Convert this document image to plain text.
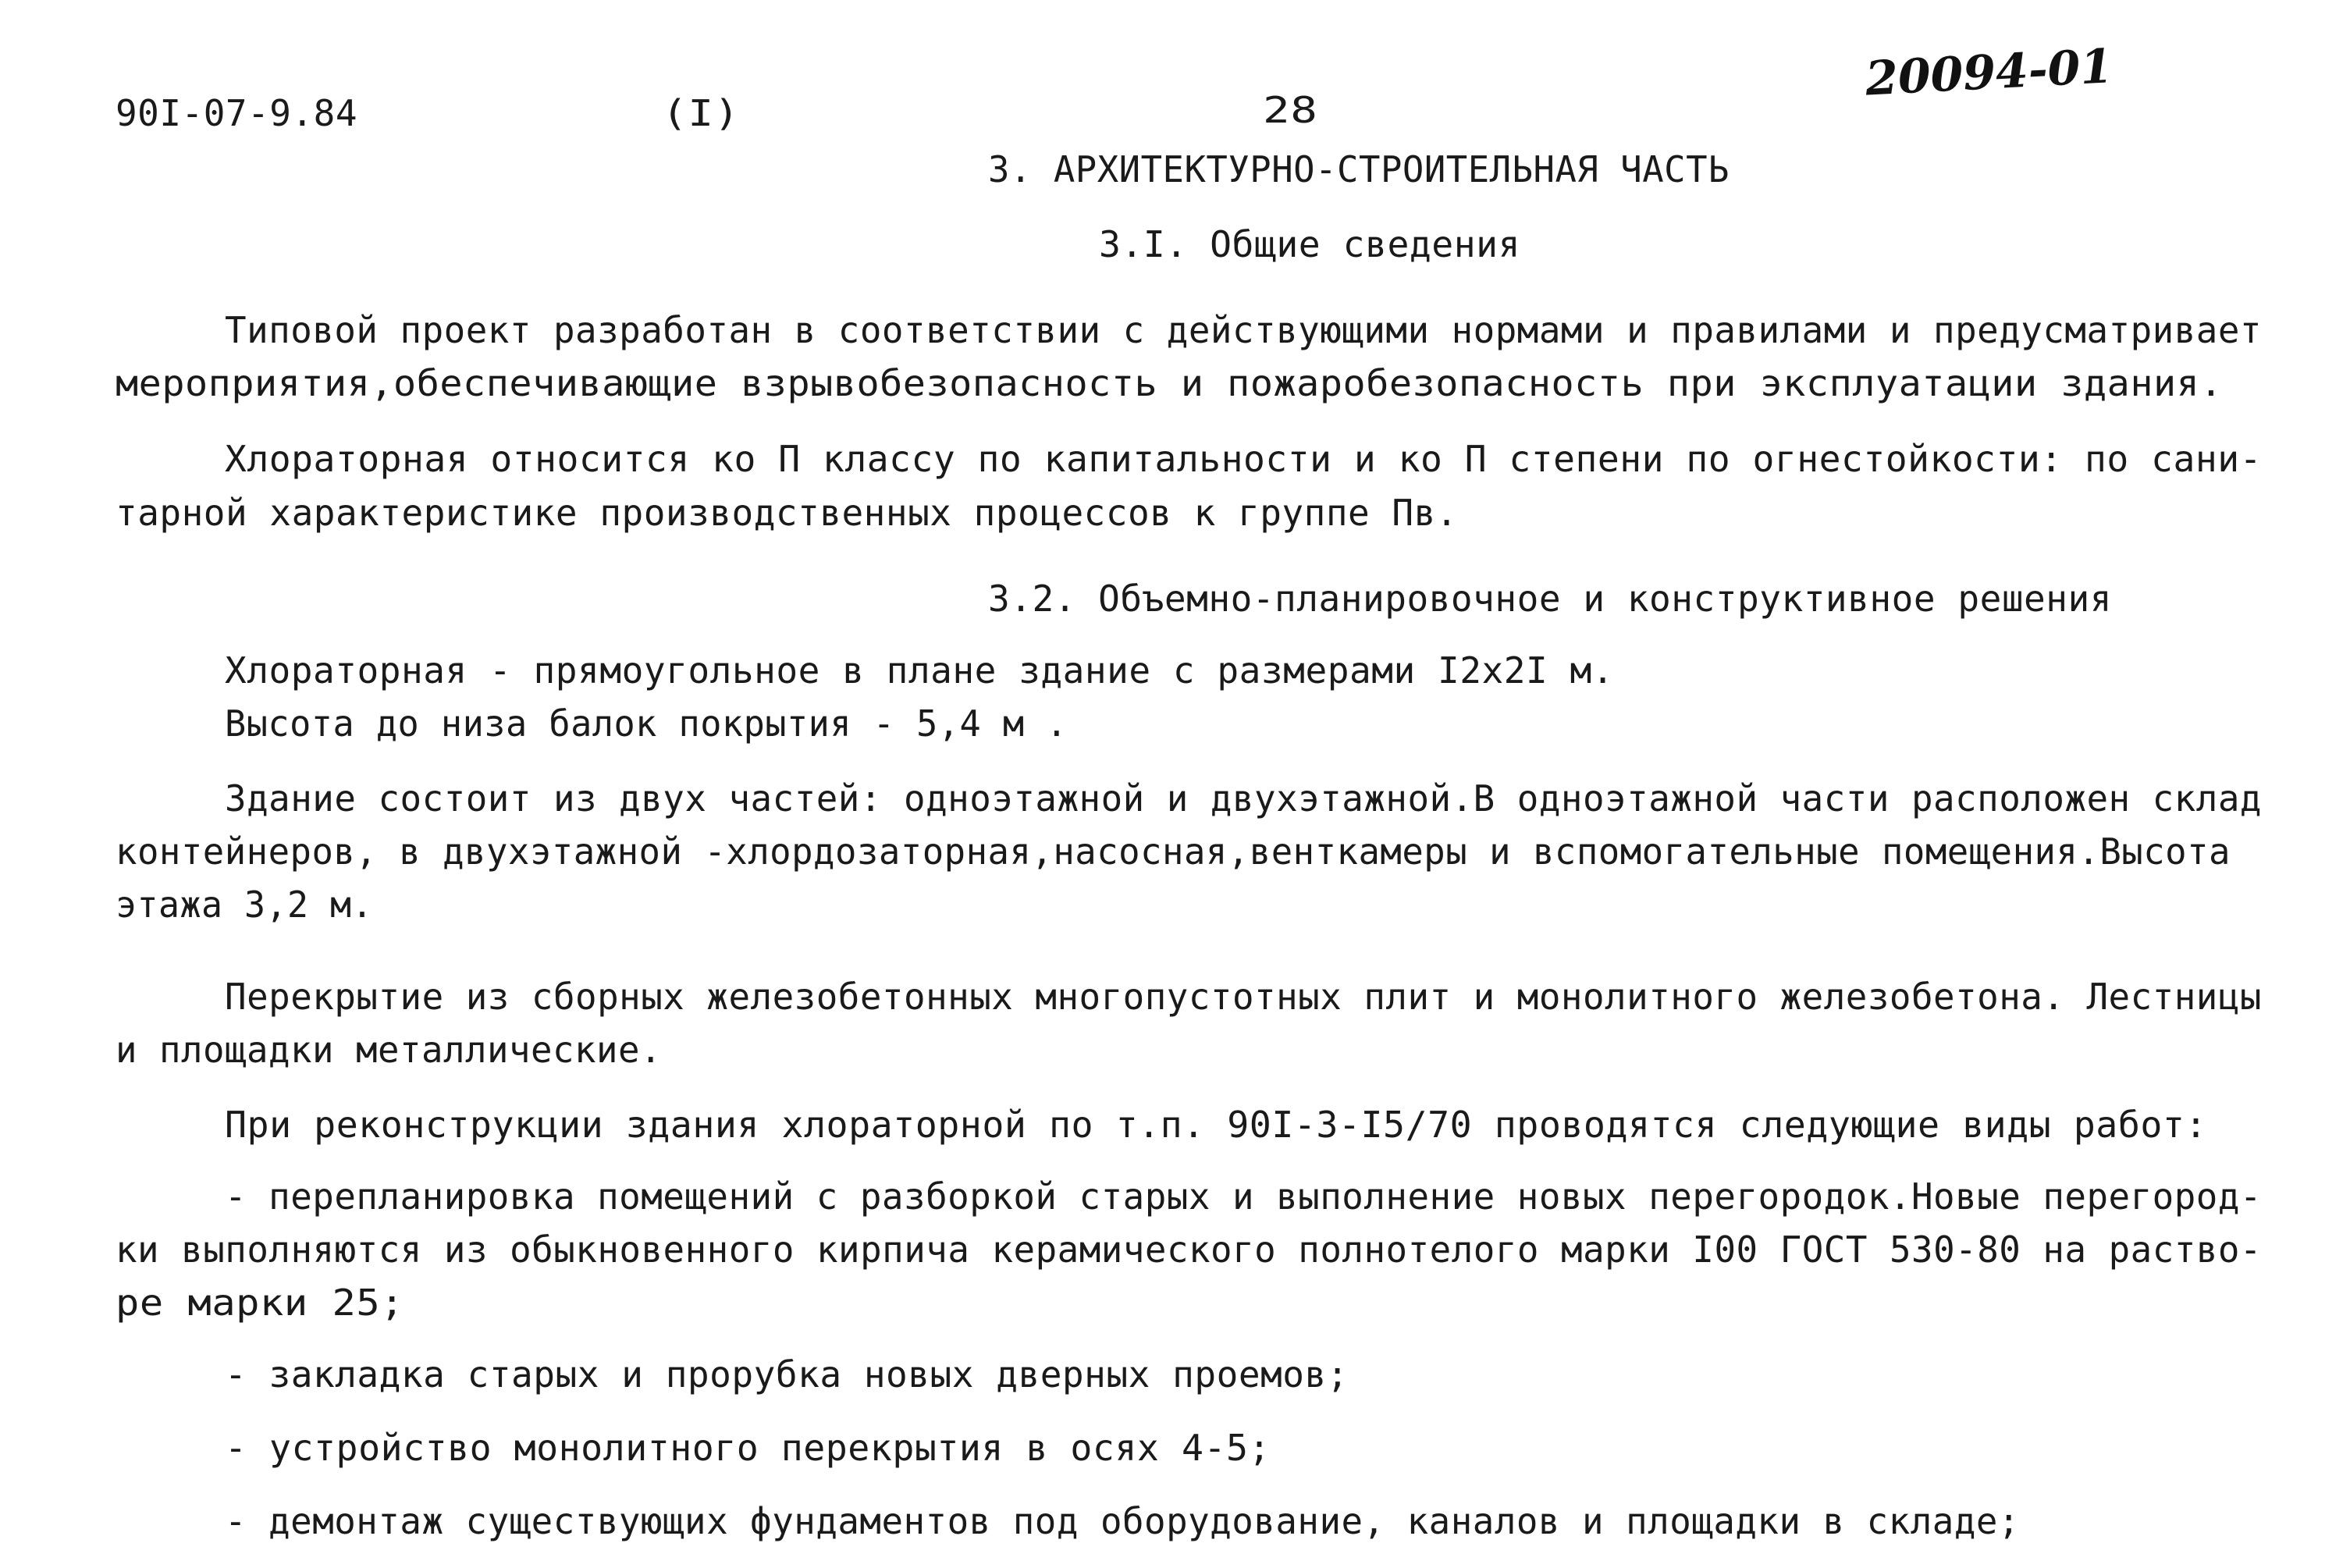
90I-07-9.84	(I)	28
20094-01
3. АРХИТЕКТУРНО-СТРОИТЕЛЬНАЯ ЧАСТЬ
3.I. Общие сведения
Типовой проект разработан в соответствии с действующими нормами и правилами и предусматривает
мероприятия,обеспечивающие взрывобезопасность и пожаробезопасность при эксплуатации здания.
Хлораторная относится ко П классу по капитальности и ко П степени по огнестойкости: по сани-
тарной характеристике производственных процессов к группе Пв.
3.2. Объемно-планировочное и конструктивное решения
Хлораторная - прямоугольное в плане здание с размерами I2х2I м.
Высота до низа балок покрытия - 5,4 м .
Здание состоит из двух частей: одноэтажной и двухэтажной.В одноэтажной части расположен склад
контейнеров, в двухэтажной -хлордозаторная,насосная,венткамеры и вспомогательные помещения.Высота
этажа 3,2 м.
Перекрытие из сборных железобетонных многопустотных плит и монолитного железобетона. Лестницы
и площадки металлические.
При реконструкции здания хлораторной по т.п. 90I-3-I5/70 проводятся следующие виды работ:
- перепланировка помещений с разборкой старых и выполнение новых перегородок.Новые перегород-
ки выполняются из обыкновенного кирпича керамического полнотелого марки I00 ГОСТ 530-80 на раство-
ре марки 25;
- закладка старых и прорубка новых дверных проемов;
- устройство монолитного перекрытия в осях 4-5;
- демонтаж существующих фундаментов под оборудование, каналов и площадки в складе;
